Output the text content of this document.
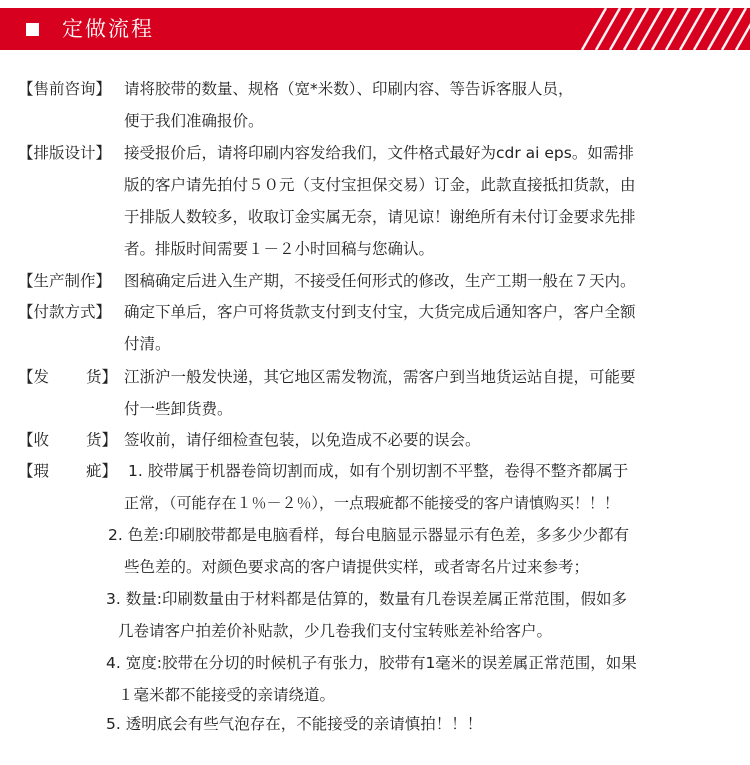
定做流程
【售前咨询】 请将胶带的数量、规格（宽*米数）、印刷内容、等告诉客服人员，
便于我们准确报价。
【排版设计】 接受报价后，请将印刷内容发给我们，文件格式最好为cdr ai eps。如需排
版的客户请先拍付５０元（支付宝担保交易）订金，此款直接抵扣货款，由
于排版人数较多，收取订金实属无奈，请见谅！谢绝所有未付订金要求先排
者。排版时间需要１－２小时回稿与您确认。
【生产制作】 图稿确定后进入生产期，不接受任何形式的修改，生产工期一般在７天内。
【付款方式】 确定下单后，客户可将货款支付到支付宝，大货完成后通知客户，客户全额
付清。
【发 货】 江浙沪一般发快递，其它地区需发物流，需客户到当地货运站自提，可能要
付一些卸货费。
【收 货】 签收前，请仔细检查包装，以免造成不必要的误会。
【瑕 疵】 1. 胶带属于机器卷筒切割而成，如有个别切割不平整，卷得不整齐都属于
正常，（可能存在１％－２％），一点瑕疵都不能接受的客户请慎购买！！！
2. 色差:印刷胶带都是电脑看样，每台电脑显示器显示有色差，多多少少都有
些色差的。对颜色要求高的客户请提供实样，或者寄名片过来参考；
3. 数量:印刷数量由于材料都是估算的，数量有几卷误差属正常范围，假如多
几卷请客户拍差价补贴款，少几卷我们支付宝转账差补给客户。
4. 宽度:胶带在分切的时候机子有张力，胶带有1毫米的误差属正常范围，如果
１毫米都不能接受的亲请绕道。
5. 透明底会有些气泡存在，不能接受的亲请慎拍！！！
